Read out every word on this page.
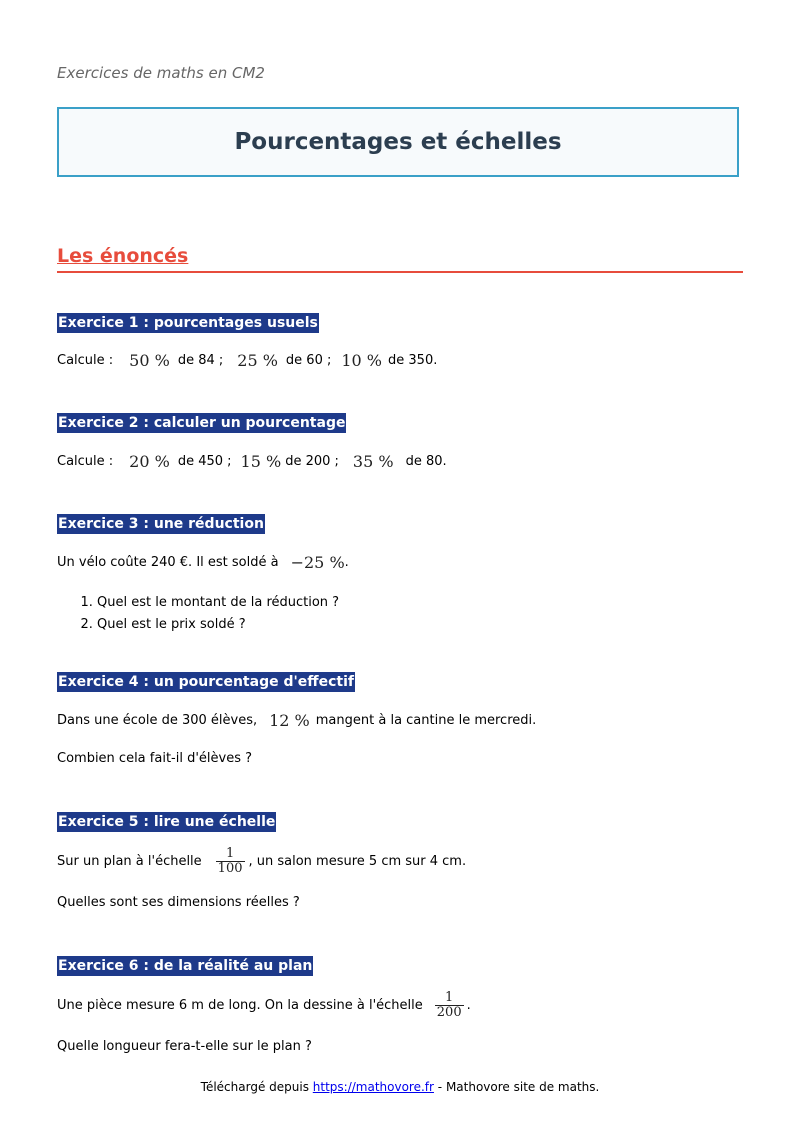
Exercices de maths en CM2
Pourcentages et échelles
Les énoncés
Exercice 1 : pourcentages usuels
Calcule : 50 % de 84 ; 25 % de 60 ; 10 % de 350.
Exercice 2 : calculer un pourcentage
Calcule : 20 % de 450 ; 15 % de 200 ; 35 % de 80.
Exercice 3 : une réduction
Un vélo coûte 240 €. Il est soldé à −25 % .
1. Quel est le montant de la réduction ?
2. Quel est le prix soldé ?
Exercice 4 : un pourcentage d'effectif
Dans une école de 300 élèves, 12 % mangent à la cantine le mercredi.
Combien cela fait-il d'élèves ?
Exercice 5 : lire une échelle
Sur un plan à l'échelle $\frac{1}{100}$ , un salon mesure 5 cm sur 4 cm.
Quelles sont ses dimensions réelles ?
Exercice 6 : de la réalité au plan
Une pièce mesure 6 m de long. On la dessine à l'échelle $\frac{1}{200}$ .
Quelle longueur fera-t-elle sur le plan ?
Téléchargé depuis https://mathovore.fr - Mathovore site de maths.
